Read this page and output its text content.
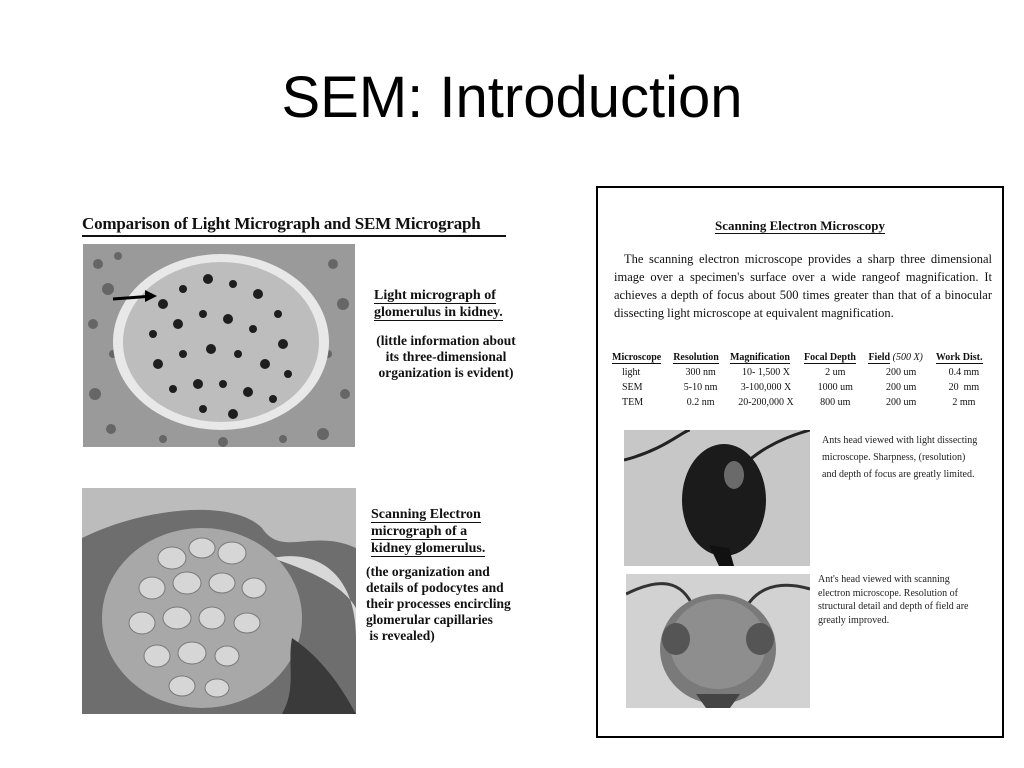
SEM: Introduction
Comparison of Light Micrograph and SEM Micrograph
Light micrograph of
glomerulus in kidney.
(little information about
its three-dimensional
organization is evident)
Scanning Electron
micrograph of a
kidney glomerulus.
(the organization and
details of podocytes and
their processes encircling
glomerular capillaries
is revealed)
Scanning Electron Microscopy
The scanning electron microscope provides a sharp three dimensional image over a specimen's surface over a wide rangeof magnification. It achieves a depth of focus about 500 times greater than that of a binocular dissecting light microscope at equivalent magnification.
Microscope	Resolution	Magnification	Focal Depth	Field (500 X)	Work Dist.
light	300 nm	10- 1,500 X	2 um	200 um	0.4 mm
SEM	5-10 nm	3-100,000 X	1000 um	200 um	20  mm
TEM	0.2 nm	20-200,000 X	800 um	200 um	2 mm
Ants head viewed with light dissecting microscope. Sharpness, (resolution) and depth of focus are greatly limited.
Ant's head viewed with scanning electron microscope. Resolution of structural detail and depth of field are greatly improved.
